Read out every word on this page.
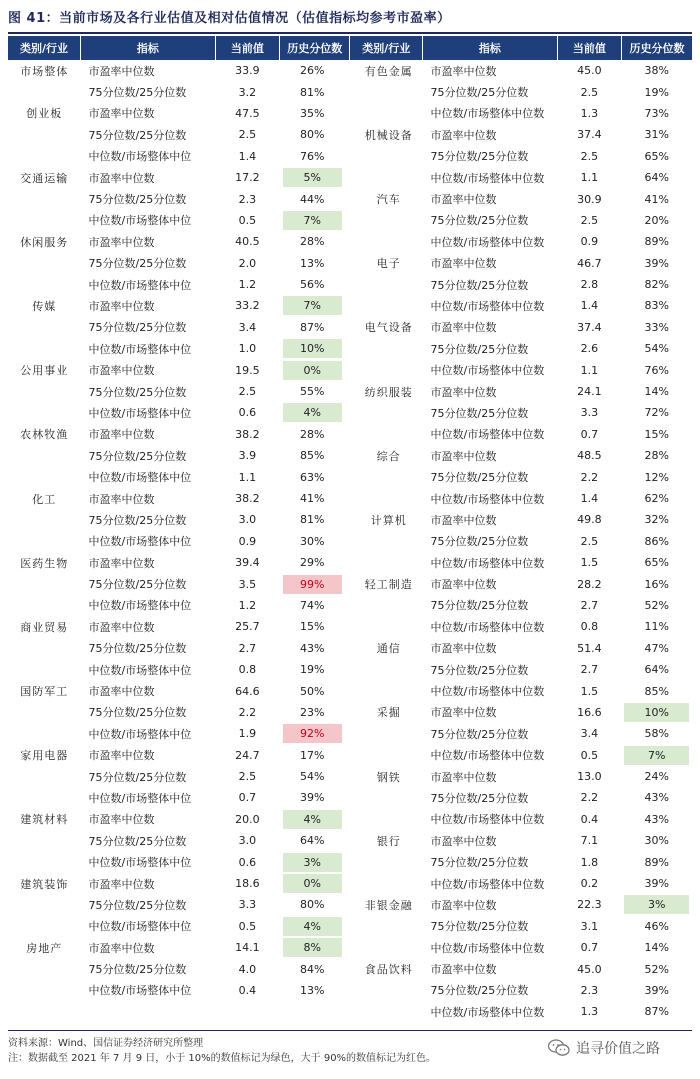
图 41：当前市场及各行业估值及相对估值情况（估值指标均参考市盈率）
类别/行业	指标	当前值	历史分位数	类别/行业	指标	当前值	历史分位数
市场整体	市盈率中位数	33.9	26%	有色金属	市盈率中位数	45.0	38%

	75分位数/25分位数	3.2	81%		75分位数/25分位数	2.5	19%

创业板	市盈率中位数	47.5	35%		中位数/市场整体中位数	1.3	73%

	75分位数/25分位数	2.5	80%	机械设备	市盈率中位数	37.4	31%

	中位数/市场整体中位	1.4	76%		75分位数/25分位数	2.5	65%

交通运输	市盈率中位数	17.2	5%		中位数/市场整体中位数	1.1	64%

	75分位数/25分位数	2.3	44%	汽车	市盈率中位数	30.9	41%

	中位数/市场整体中位	0.5	7%		75分位数/25分位数	2.5	20%

休闲服务	市盈率中位数	40.5	28%		中位数/市场整体中位数	0.9	89%

	75分位数/25分位数	2.0	13%	电子	市盈率中位数	46.7	39%

	中位数/市场整体中位	1.2	56%		75分位数/25分位数	2.8	82%

传媒	市盈率中位数	33.2	7%		中位数/市场整体中位数	1.4	83%

	75分位数/25分位数	3.4	87%	电气设备	市盈率中位数	37.4	33%

	中位数/市场整体中位	1.0	10%		75分位数/25分位数	2.6	54%

公用事业	市盈率中位数	19.5	0%		中位数/市场整体中位数	1.1	76%

	75分位数/25分位数	2.5	55%	纺织服装	市盈率中位数	24.1	14%

	中位数/市场整体中位	0.6	4%		75分位数/25分位数	3.3	72%

农林牧渔	市盈率中位数	38.2	28%		中位数/市场整体中位数	0.7	15%

	75分位数/25分位数	3.9	85%	综合	市盈率中位数	48.5	28%

	中位数/市场整体中位	1.1	63%		75分位数/25分位数	2.2	12%

化工	市盈率中位数	38.2	41%		中位数/市场整体中位数	1.4	62%

	75分位数/25分位数	3.0	81%	计算机	市盈率中位数	49.8	32%

	中位数/市场整体中位	0.9	30%		75分位数/25分位数	2.5	86%

医药生物	市盈率中位数	39.4	29%		中位数/市场整体中位数	1.5	65%

	75分位数/25分位数	3.5	99%	轻工制造	市盈率中位数	28.2	16%

	中位数/市场整体中位	1.2	74%		75分位数/25分位数	2.7	52%

商业贸易	市盈率中位数	25.7	15%		中位数/市场整体中位数	0.8	11%

	75分位数/25分位数	2.7	43%	通信	市盈率中位数	51.4	47%

	中位数/市场整体中位	0.8	19%		75分位数/25分位数	2.7	64%

国防军工	市盈率中位数	64.6	50%		中位数/市场整体中位数	1.5	85%

	75分位数/25分位数	2.2	23%	采掘	市盈率中位数	16.6	10%

	中位数/市场整体中位	1.9	92%		75分位数/25分位数	3.4	58%

家用电器	市盈率中位数	24.7	17%		中位数/市场整体中位数	0.5	7%

	75分位数/25分位数	2.5	54%	钢铁	市盈率中位数	13.0	24%

	中位数/市场整体中位	0.7	39%		75分位数/25分位数	2.2	43%

建筑材料	市盈率中位数	20.0	4%		中位数/市场整体中位数	0.4	43%

	75分位数/25分位数	3.0	64%	银行	市盈率中位数	7.1	30%

	中位数/市场整体中位	0.6	3%		75分位数/25分位数	1.8	89%

建筑装饰	市盈率中位数	18.6	0%		中位数/市场整体中位数	0.2	39%

	75分位数/25分位数	3.3	80%	非银金融	市盈率中位数	22.3	3%

	中位数/市场整体中位	0.5	4%		75分位数/25分位数	3.1	46%

房地产	市盈率中位数	14.1	8%		中位数/市场整体中位数	0.7	14%

	75分位数/25分位数	4.0	84%	食品饮料	市盈率中位数	45.0	52%

	中位数/市场整体中位	0.4	13%		75分位数/25分位数	2.3	39%

		中位数/市场整体中位数	1.3	87%
资料来源：Wind、国信证券经济研究所整理
注：数据截至 2021 年 7 月 9 日，小于 10%的数值标记为绿色，大于 90%的数值标记为红色。
追寻价值之路
